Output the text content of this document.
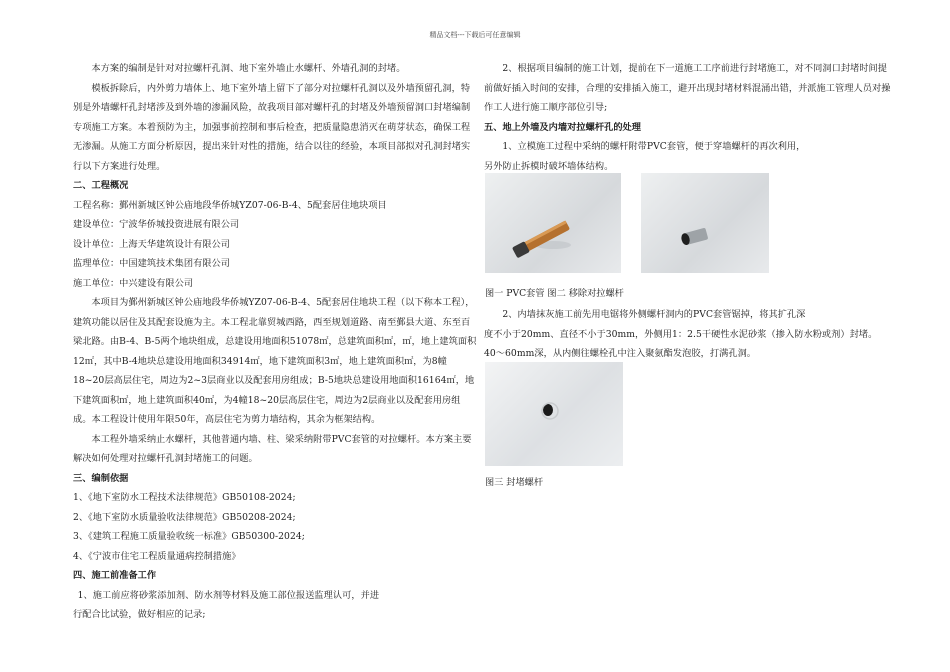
精品文档---下载后可任意编辑

本方案的编制是针对对拉螺杆孔洞、地下室外墙止水螺杆、外墙孔洞的封堵。

模板拆除后，内外剪力墙体上、地下室外墙上留下了部分对拉螺杆孔洞以及外墙预留孔洞，特别是外墙螺杆孔封堵涉及到外墙的渗漏风险，故我项目部对螺杆孔的封堵及外墙预留洞口封堵编制专项施工方案。本着预防为主，加强事前控制和事后检查，把质量隐患消灭在萌芽状态，确保工程无渗漏。从施工方面分析原因，提出来针对性的措施，结合以往的经验，本项目部拟对孔洞封堵实行以下方案进行处理。

二、工程概况

工程名称：鄞州新城区钟公庙地段华侨城YZ07-06-B-4、5配套居住地块项目

建设单位：宁波华侨城投资进展有限公司

设计单位：上海天华建筑设计有限公司

监理单位：中国建筑技术集团有限公司

施工单位：中兴建设有限公司

本项目为鄞州新城区钟公庙地段华侨城YZ07-06-B-4、5配套居住地块工程（以下称本工程），建筑功能以居住及其配套设施为主。本工程北靠贸城西路，西至规划道路、南至鄞县大道、东至百梁北路。由B-4、B-5两个地块组成，总建设用地面积51078㎡，总建筑面积㎡，㎡，地上建筑面积12㎡，其中B-4地块总建设用地面积34914㎡，地下建筑面积3㎡，地上建筑面积㎡，为8幢18~20层高层住宅，周边为2~3层商业以及配套用房组成；B-5地块总建设用地面积16164㎡，地下建筑面积㎡，地上建筑面积40㎡，为4幢18~20层高层住宅，周边为2层商业以及配套用房组成。本工程设计使用年限50年，高层住宅为剪力墙结构，其余为框架结构。

本工程外墙采纳止水螺杆，其他普通内墙、柱、梁采纳附带PVC套管的对拉螺杆。本方案主要解决如何处理对拉螺杆孔洞封堵施工的问题。

三、编制依据

1、《地下室防水工程技术法律规范》GB50108-2024;

2、《地下室防水质量验收法律规范》GB50208-2024;

3、《建筑工程施工质量验收统一标准》GB50300-2024;

4、《宁波市住宅工程质量通病控制措施》

四、施工前准备工作

1、施工前应将砂浆添加剂、防水剂等材料及施工部位报送监理认可，并进

行配合比试验，做好相应的记录;

2、根据项目编制的施工计划，提前在下一道施工工序前进行封堵施工，对不同洞口封堵时间提前做好插入时间的安排，合理的安排插入施工，避开出现封堵材料混涌出错，并派施工管理人员对操作工人进行施工顺序部位引导;

五、地上外墙及内墙对拉螺杆孔的处理

1、立模施工过程中采纳的螺杆附带PVC套管，便于穿墙螺杆的再次利用，

另外防止拆模时破坏墙体结构。

图一 PVC套管 图二 移除对拉螺杆

2、内墙抹灰施工前先用电锯将外侧螺杆洞内的PVC套管锯掉，将其扩孔深

度不小于20mm、直径不小于30mm，外侧用1：2.5干硬性水泥砂浆（掺入防水粉或剂）封堵。

40～60mm深，从内侧往螺栓孔中注入聚氨酯发泡胶，打满孔洞。

图三 封堵螺杆
